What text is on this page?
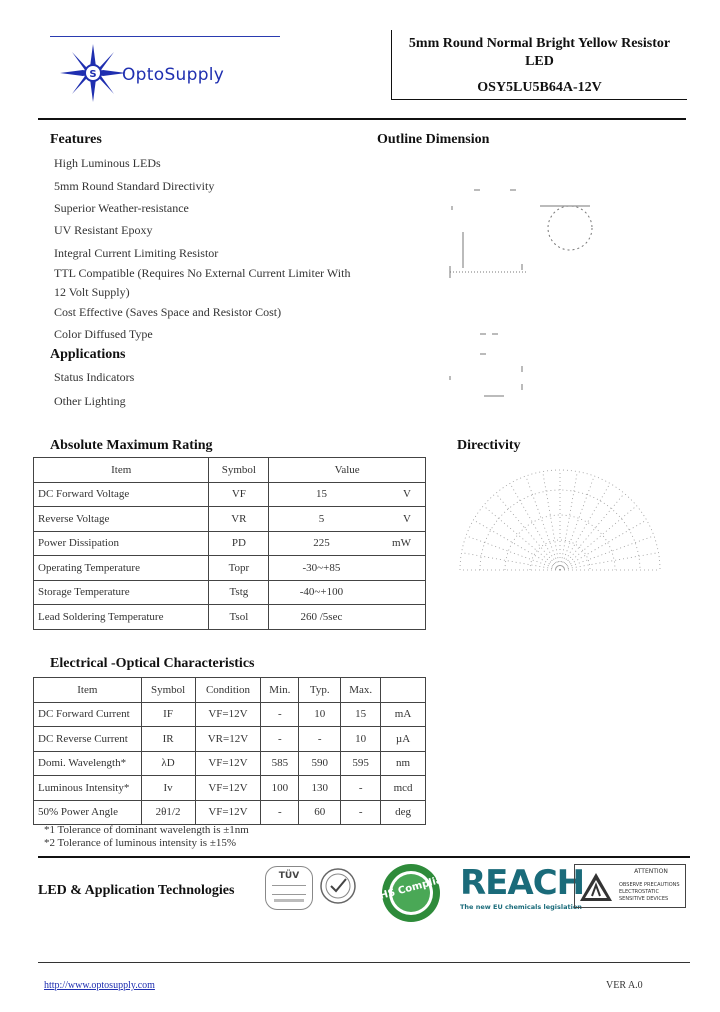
S OptoSupply
5mm Round Normal Bright Yellow Resistor
LED
OSY5LU5B64A-12V
Features
High Luminous LEDs
5mm Round Standard Directivity
Superior Weather-resistance
UV Resistant Epoxy
Integral Current Limiting Resistor
TTL Compatible (Requires No External Current Limiter With
12 Volt Supply)
Cost Effective (Saves Space and Resistor Cost)
Color Diffused Type
Applications
Status Indicators
Other Lighting
Outline Dimension
Absolute Maximum Rating
Item	Symbol	Value	
DC Forward Voltage	VF	15	V
Reverse Voltage	VR	5	V
Power Dissipation	PD	225	mW
Operating Temperature	Topr	-30~+85	
Storage Temperature	Tstg	-40~+100	
Lead Soldering Temperature	Tsol	260 /5sec	
Directivity
Electrical -Optical Characteristics
Item	Symbol	Condition	Min.	Typ.	Max.	
DC Forward Current	IF	VF=12V	-	10	15	mA
DC Reverse Current	IR	VR=12V	-	-	10	µA
Domi. Wavelength*	λD	VF=12V	585	590	595	nm
Luminous Intensity*	Iv	VF=12V	100	130	-	mcd
50% Power Angle	2θ1/2	VF=12V	-	60	-	deg
*1 Tolerance of dominant wavelength is ±1nm
*2 Tolerance of luminous intensity is ±15%
LED & Application Technologies
TÜV	RoHS Compliant REACH
The new EU chemicals legislation
ATTENTION
OBSERVE PRECAUTIONS
ELECTROSTATIC
SENSITIVE DEVICES
http://www.optosupply.com	VER A.0
